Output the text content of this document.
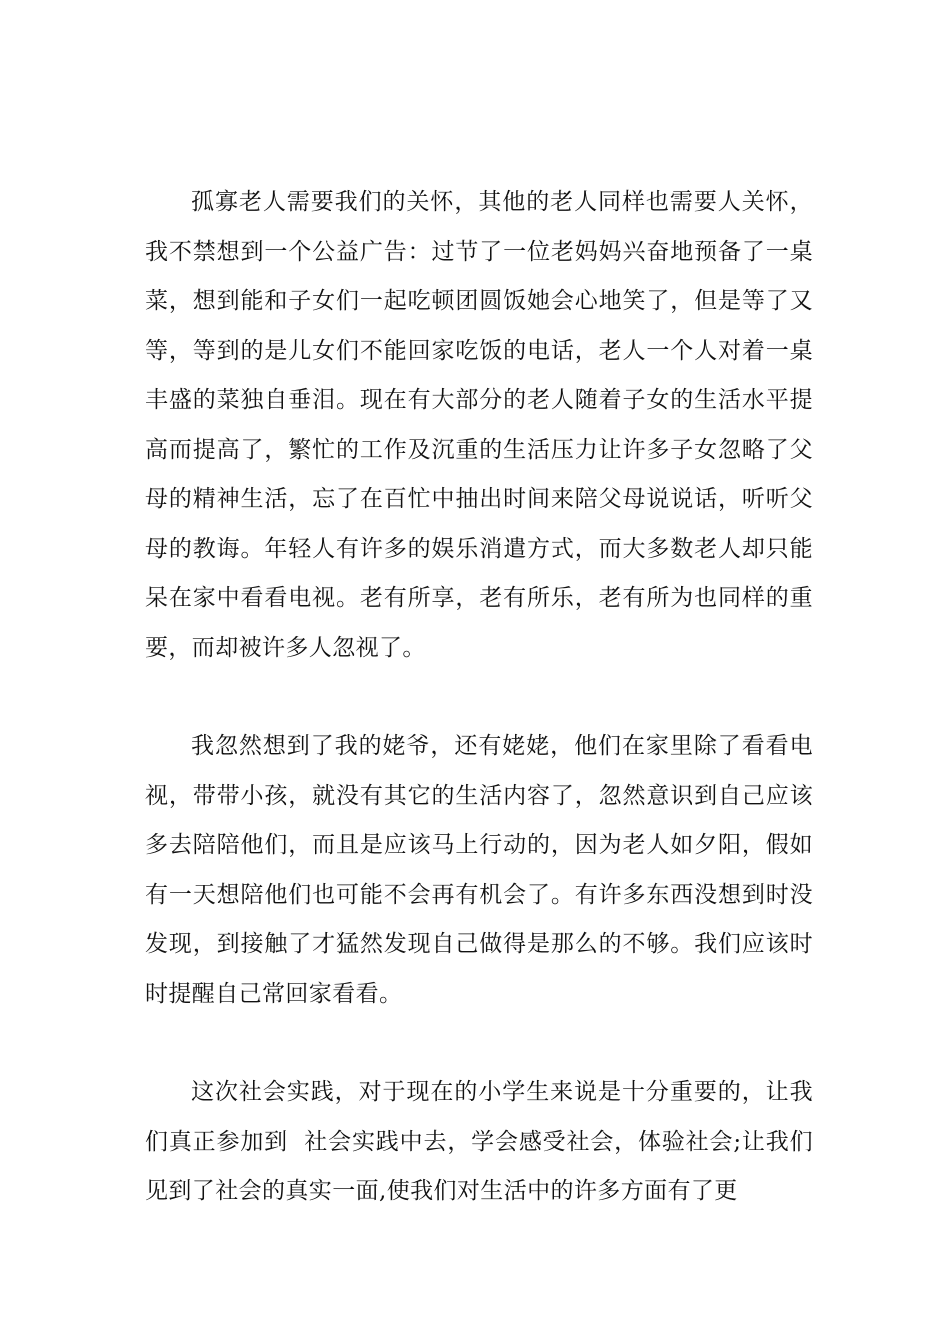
孤寡老人需要我们的关怀，其他的老人同样也需要人关怀，我不禁想到一个公益广告：过节了一位老妈妈兴奋地预备了一桌菜，想到能和子女们一起吃顿团圆饭她会心地笑了，但是等了又等，等到的是儿女们不能回家吃饭的电话，老人一个人对着一桌丰盛的菜独自垂泪。现在有大部分的老人随着子女的生活水平提高而提高了，繁忙的工作及沉重的生活压力让许多子女忽略了父母的精神生活，忘了在百忙中抽出时间来陪父母说说话，听听父母的教诲。年轻人有许多的娱乐消遣方式，而大多数老人却只能呆在家中看看电视。老有所享，老有所乐，老有所为也同样的重要，而却被许多人忽视了。

我忽然想到了我的姥爷，还有姥姥，他们在家里除了看看电视，带带小孩，就没有其它的生活内容了，忽然意识到自己应该多去陪陪他们，而且是应该马上行动的，因为老人如夕阳，假如有一天想陪他们也可能不会再有机会了。有许多东西没想到时没发现，到接触了才猛然发现自己做得是那么的不够。我们应该时时提醒自己常回家看看。

这次社会实践，对于现在的小学生来说是十分重要的，让我们真正参加到  社会实践中去，学会感受社会，体验社会;让我们见到了社会的真实一面,使我们对生活中的许多方面有了更
